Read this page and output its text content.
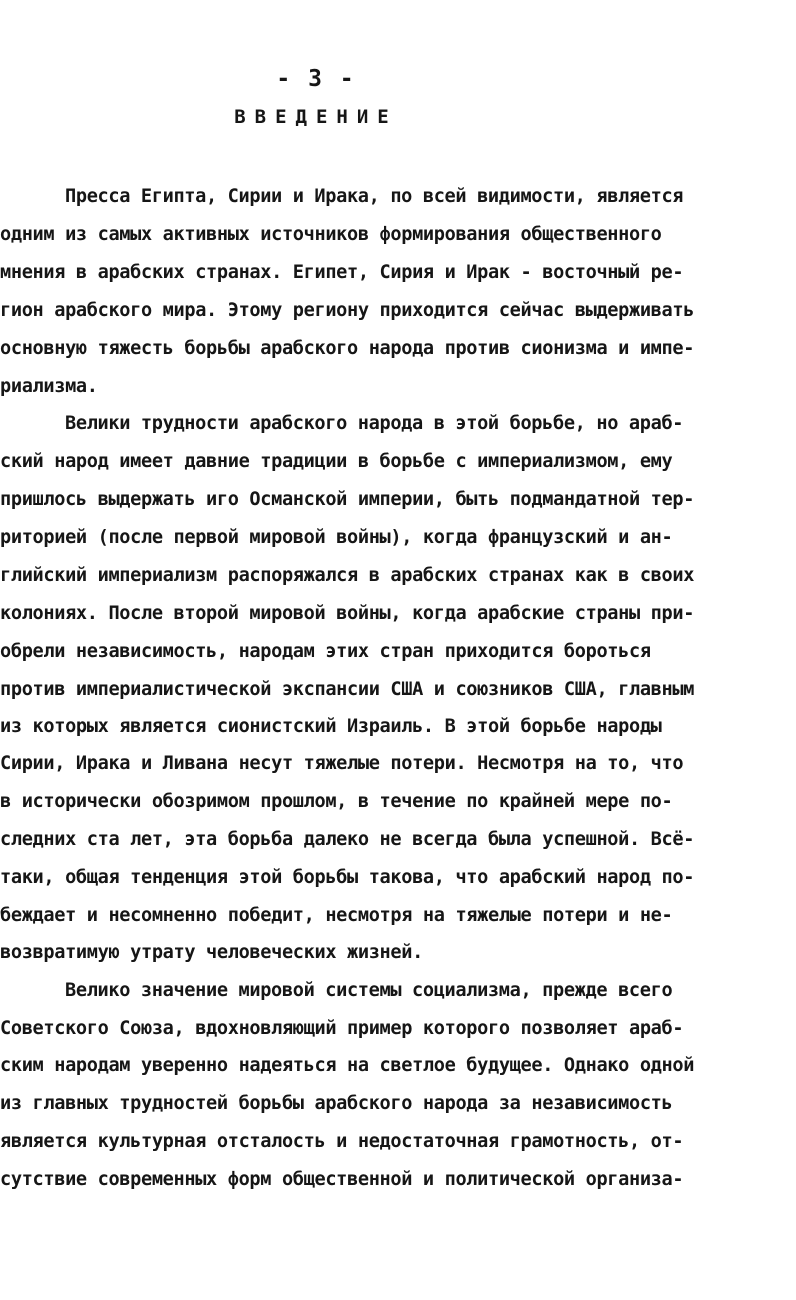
- 3 -
ВВЕДЕНИЕ
Пресса Египта, Сирии и Ирака, по всей видимости, является
одним из самых активных источников формирования общественного
мнения в арабских странах. Египет, Сирия и Ирак - восточный ре-
гион арабского мира. Этому региону приходится сейчас выдерживать
основную тяжесть борьбы арабского народа против сионизма и импе-
риализма.
Велики трудности арабского народа в этой борьбе, но араб-
ский народ имеет давние традиции в борьбе с империализмом, ему
пришлось выдержать иго Османской империи, быть подмандатной тер-
риторией (после первой мировой войны), когда французский и ан-
глийский империализм распоряжался в арабских странах как в своих
колониях. После второй мировой войны, когда арабские страны при-
обрели независимость, народам этих стран приходится бороться
против империалистической экспансии США и союзников США, главным
из которых является сионистский Израиль. В этой борьбе народы
Сирии, Ирака и Ливана несут тяжелые потери. Несмотря на то, что
в исторически обозримом прошлом, в течение по крайней мере по-
следних ста лет, эта борьба далеко не всегда была успешной. Всё-
таки, общая тенденция этой борьбы такова, что арабский народ по-
беждает и несомненно победит, несмотря на тяжелые потери и не-
возвратимую утрату человеческих жизней.
Велико значение мировой системы социализма, прежде всего
Советского Союза, вдохновляющий пример которого позволяет араб-
ским народам уверенно надеяться на светлое будущее. Однако одной
из главных трудностей борьбы арабского народа за независимость
является культурная отсталость и недостаточная грамотность, от-
сутствие современных форм общественной и политической организа-
